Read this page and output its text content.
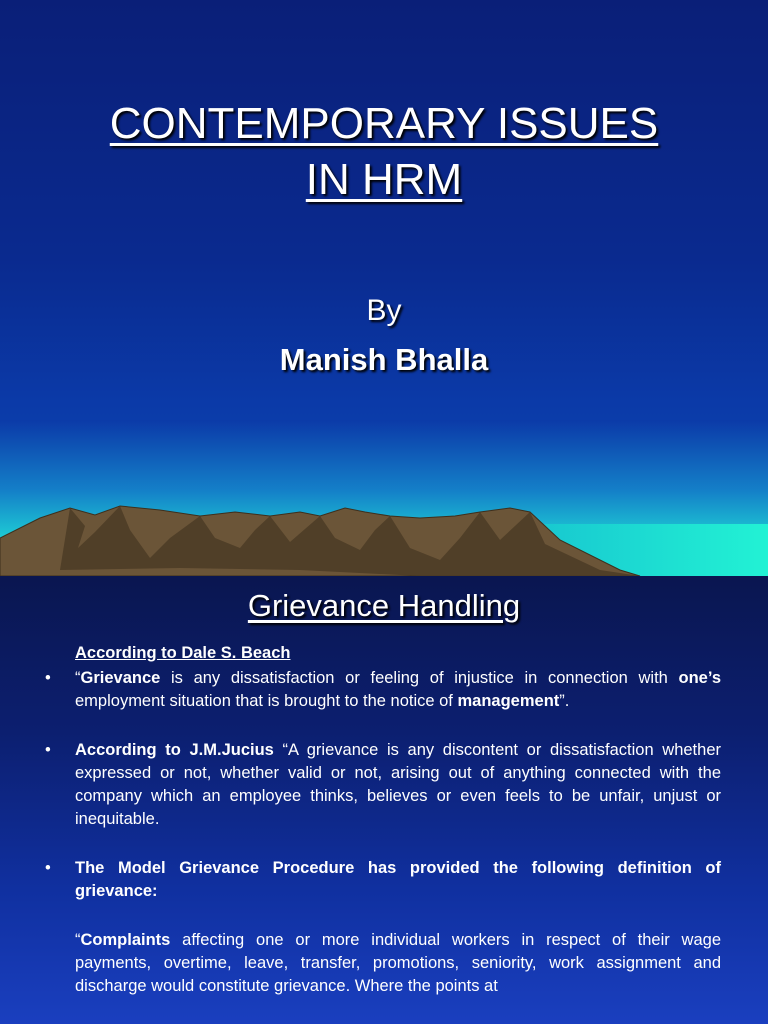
CONTEMPORARY ISSUES
IN HRM
By
Manish Bhalla
Grievance Handling
According to Dale S. Beach
• “Grievance is any dissatisfaction or feeling of injustice in connection with one’s employment situation that is brought to the notice of management”.
• According to J.M.Jucius “A grievance is any discontent or dissatisfaction whether expressed or not, whether valid or not, arising out of anything connected with the company which an employee thinks, believes or even feels to be unfair, unjust or inequitable.
• The Model Grievance Procedure has provided the following definition of grievance:
“Complaints affecting one or more individual workers in respect of their wage payments, overtime, leave, transfer, promotions, seniority, work assignment and discharge would constitute grievance. Where the points at
